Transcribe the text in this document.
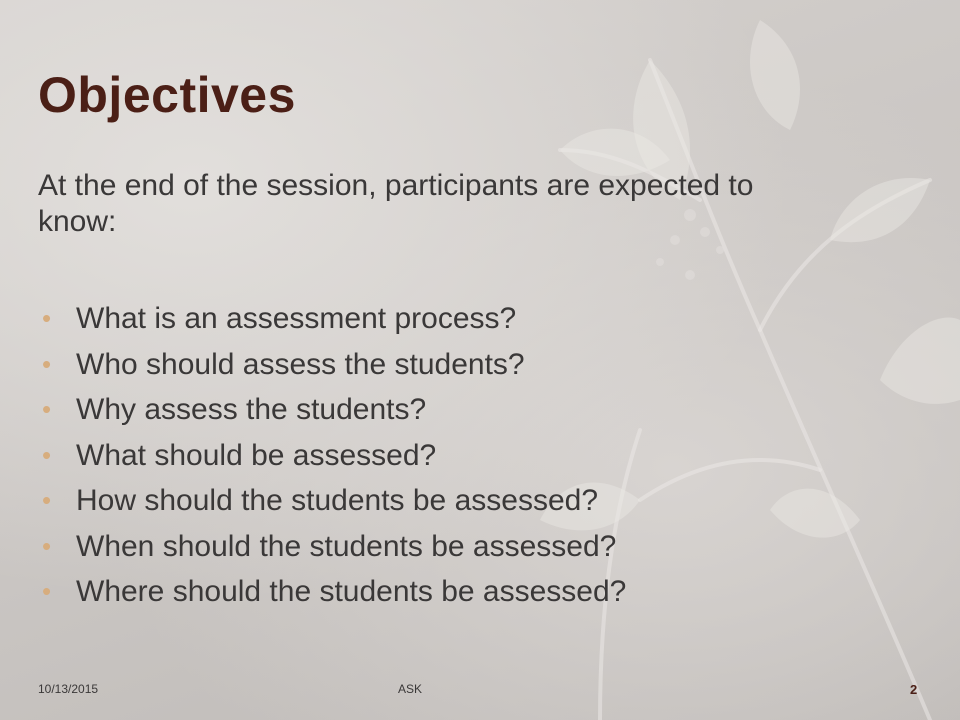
Objectives
At the end of the session, participants are expected to know:
• What is an assessment process?
• Who should assess the students?
• Why assess the students?
• What should be assessed?
• How should the students be assessed?
• When should the students be assessed?
• Where should the students be assessed?
10/13/2015	ASK	2
